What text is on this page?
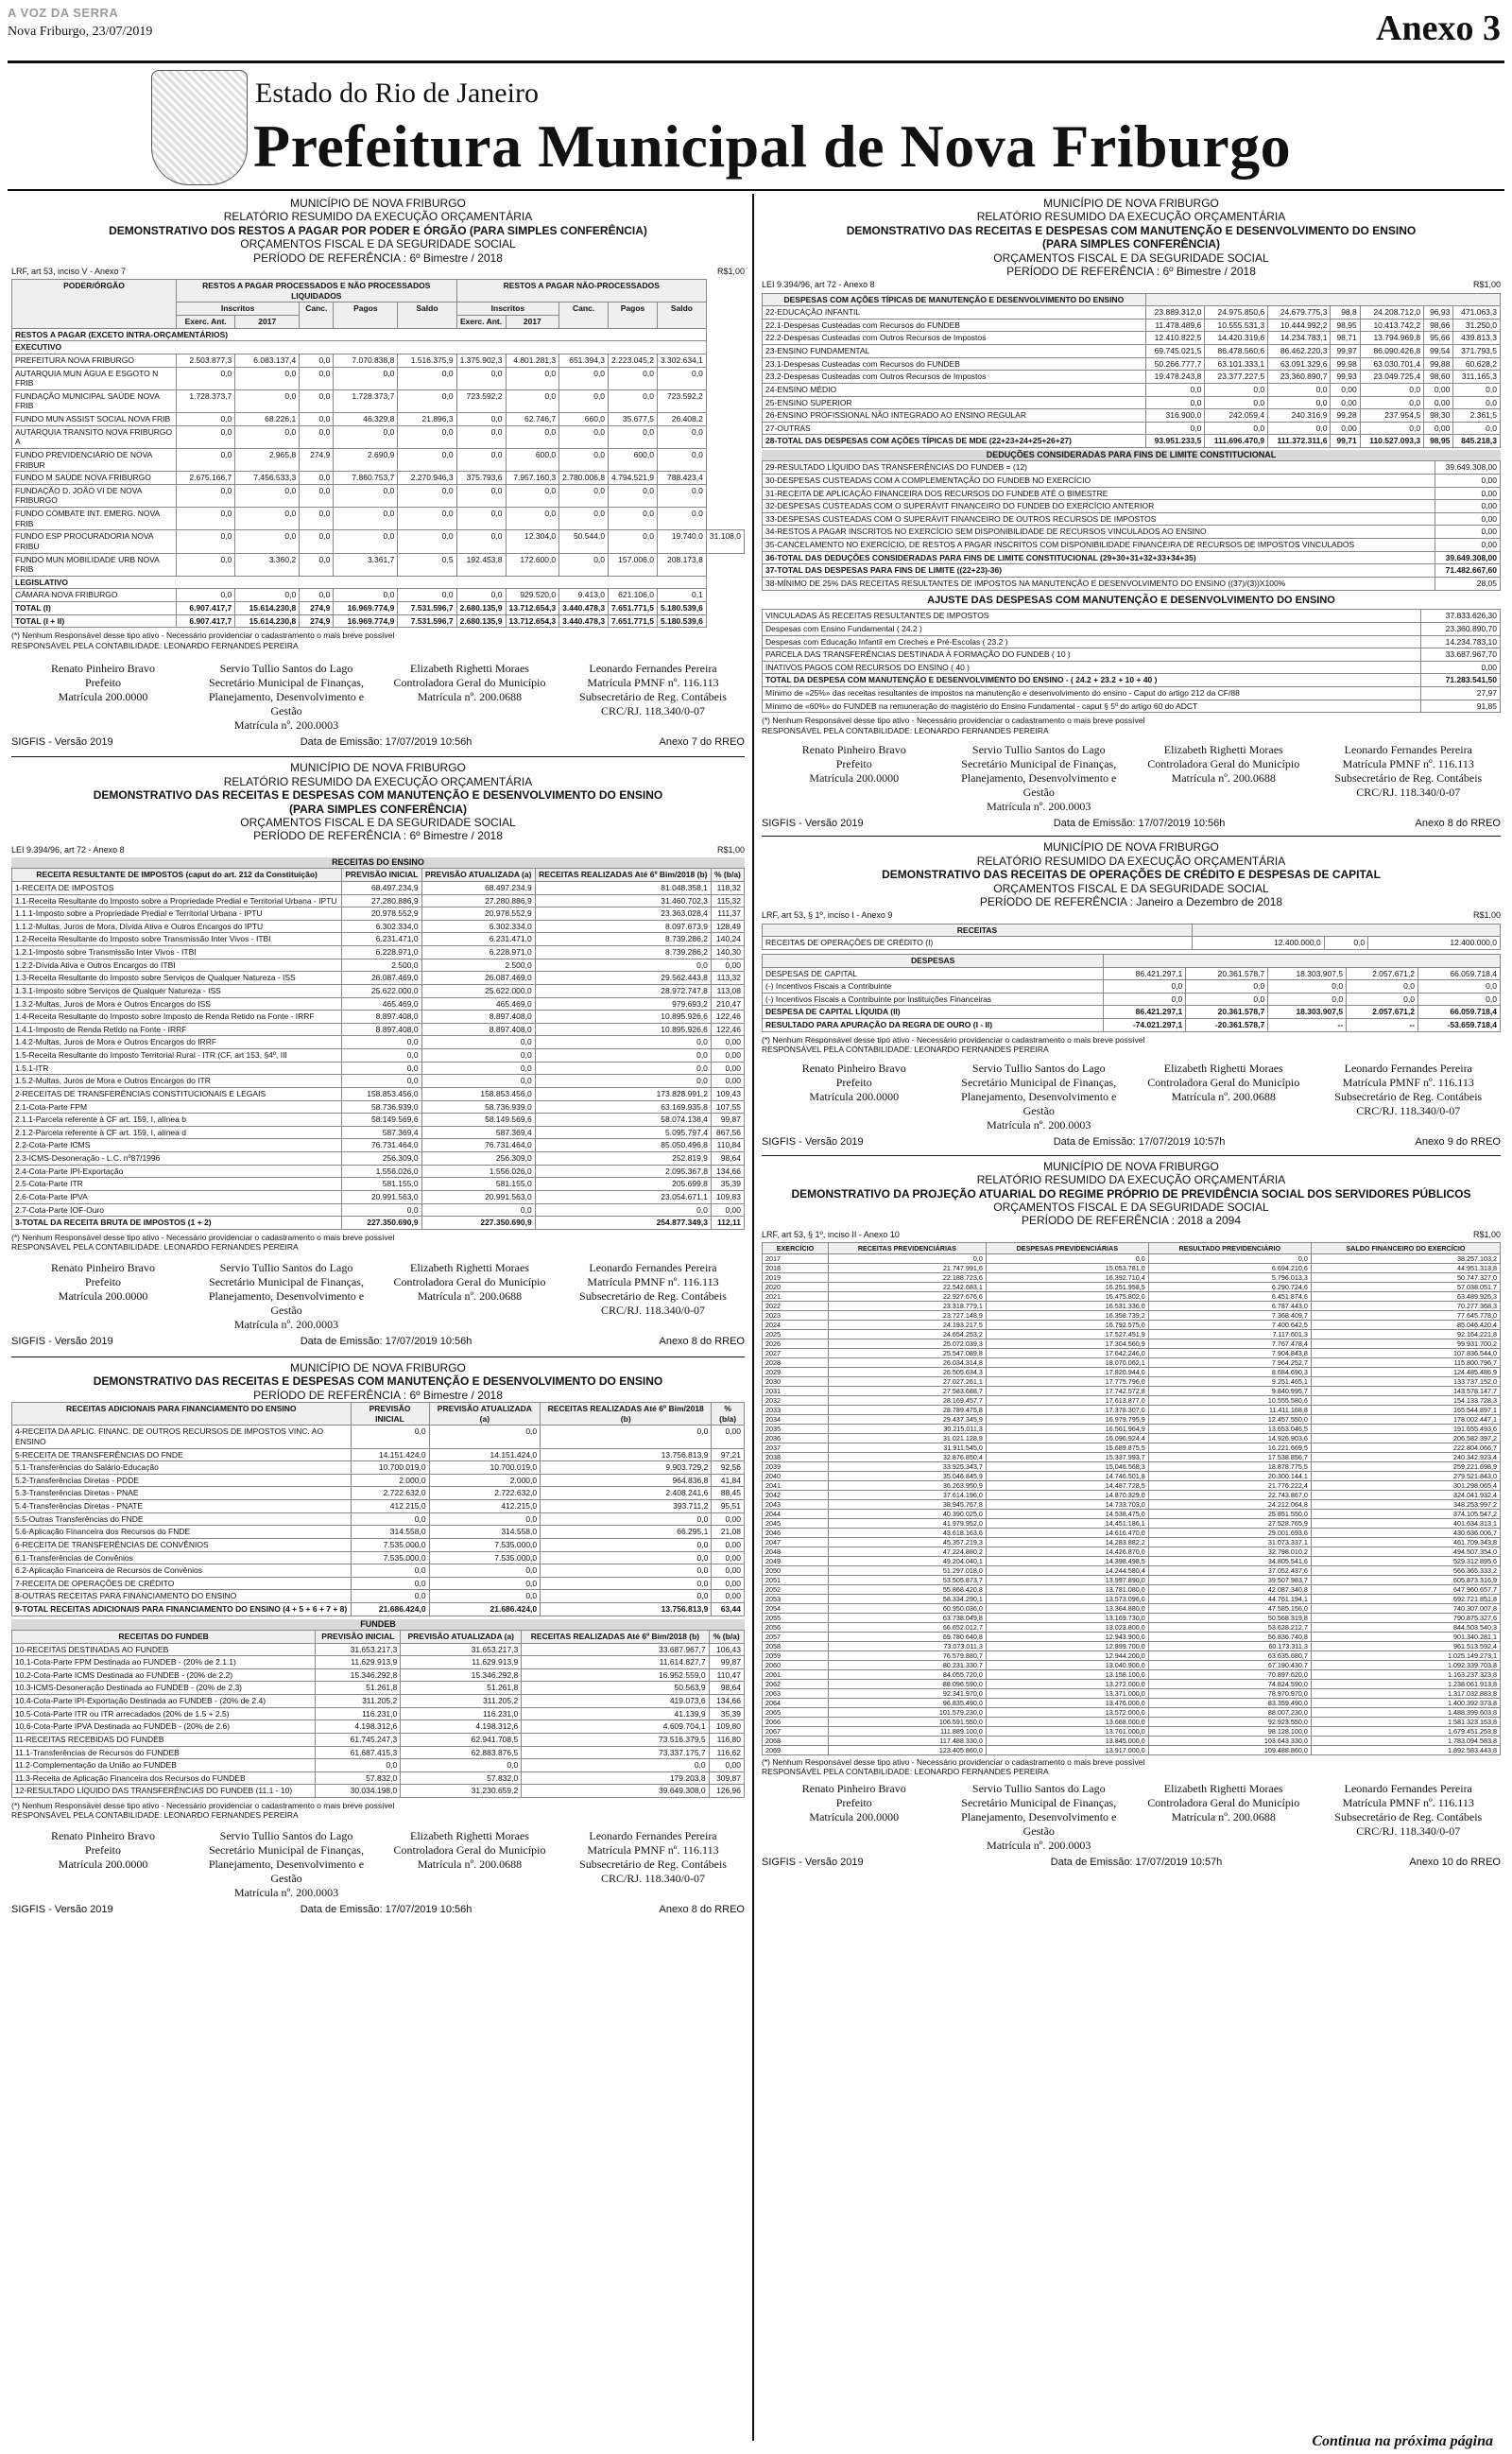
A VOZ DA SERRA
Nova Friburgo, 23/07/2019	Anexo 3
Estado do Rio de Janeiro
Prefeitura Municipal de Nova Friburgo
MUNICÍPIO DE NOVA FRIBURGO
RELATÓRIO RESUMIDO DA EXECUÇÃO ORÇAMENTÁRIA
DEMONSTRATIVO DOS RESTOS A PAGAR POR PODER E ÓRGÃO (PARA SIMPLES CONFERÊNCIA)
ORÇAMENTOS FISCAL E DA SEGURIDADE SOCIAL
PERÍODO DE REFERÊNCIA : 6º Bimestre / 2018
LRF, art 53, inciso V - Anexo 7	R$1,00
PODER/ÓRGÃO	RESTOS A PAGAR PROCESSADOS E NÃO PROCESSADOS LIQUIDADOS					RESTOS A PAGAR NÃO-PROCESSADOS					
	Inscritos		Canc.	Pagos	Saldo	Inscritos		Canc.	Pagos	Saldo	
	Exerc. Ant.	2017				Exerc. Ant.	2017				
RESTOS A PAGAR (EXCETO INTRA-ORÇAMENTÁRIOS)											
EXECUTIVO											
PREFEITURA NOVA FRIBURGO	2.503.877,3	6.083.137,4	0,0	7.070.838,8	1.516.375,9	1.375.902,3	4.801.281,3	651.394,3	2.223.045,2	3.302.634,1	
AUTARQUIA MUN ÁGUA E ESGOTO N FRIB	0,0	0,0	0,0	0,0	0,0	0,0	0,0	0,0	0,0	0,0	
FUNDAÇÃO MUNICIPAL SAÚDE NOVA FRIB	1.728.373,7	0,0	0,0	1.728.373,7	0,0	723.592,2	0,0	0,0	0,0	723.592,2	
FUNDO MUN ASSIST SOCIAL NOVA FRIB	0,0	68.226,1	0,0	46.329,8	21.896,3	0,0	62.746,7	660,0	35.677,5	26.408,2	
AUTARQUIA TRANSITO NOVA FRIBURGO A	0,0	0,0	0,0	0,0	0,0	0,0	0,0	0,0	0,0	0,0	
FUNDO PREVIDENCIÁRIO DE NOVA FRIBUR	0,0	2.965,8	274,9	2.690,9	0,0	0,0	600,0	0,0	600,0	0,0	
FUNDO M SAÚDE NOVA FRIBURGO	2.675.166,7	7.456.533,3	0,0	7.860.753,7	2.270.946,3	375.793,6	7.957.160,3	2.780.006,8	4.794.521,9	788.423,4	
FUNDAÇÃO D. JOÃO VI DE NOVA FRIBURGO	0,0	0,0	0,0	0,0	0,0	0,0	0,0	0,0	0,0	0,0	
FUNDO COMBATE INT. EMERG. NOVA FRIB	0,0	0,0	0,0	0,0	0,0	0,0	0,0	0,0	0,0	0,0	
FUNDO ESP PROCURADORIA NOVA FRIBU	0,0	0,0	0,0	0,0	0,0	0,0	12.304,0	50.544,0	0,0	19.740,0	31.108,0
FUNDO MUN MOBILIDADE URB NOVA FRIB	0,0	3.360,2	0,0	3.361,7	0,5	192.453,8	172.600,0	0,0	157.006,0	208.173,8	
LEGISLATIVO											
CÂMARA NOVA FRIBURGO	0,0	0,0	0,0	0,0	0,0	0,0	929.520,0	9.413,0	621.106,0	0,1	
TOTAL (I)	6.907.417,7	15.614.230,8	274,9	16.969.774,9	7.531.596,7	2.680.135,9	13.712.654,3	3.440.478,3	7.651.771,5	5.180.539,6	
TOTAL (I + II)	6.907.417,7	15.614.230,8	274,9	16.969.774,9	7.531.596,7	2.680.135,9	13.712.654,3	3.440.478,3	7.651.771,5	5.180.539,6	
(*) Nenhum Responsável desse tipo ativo - Necessário providenciar o cadastramento o mais breve possível
RESPONSÁVEL PELA CONTABILIDADE: LEONARDO FERNANDES PEREIRA
Renato Pinheiro Bravo
Prefeito
Matrícula 200.0000
Servio Tullio Santos do Lago
Secretário Municipal de Finanças,
Planejamento, Desenvolvimento e Gestão
Matrícula nº. 200.0003
Elizabeth Righetti Moraes
Controladora Geral do Município
Matrícula nº. 200.0688
Leonardo Fernandes Pereira
Matrícula PMNF nº. 116.113
Subsecretário de Reg. Contábeis
CRC/RJ. 118.340/0-07
SIGFIS - Versão 2019	Data de Emissão: 17/07/2019 10:56h	Anexo 7 do RREO
MUNICÍPIO DE NOVA FRIBURGO
RELATÓRIO RESUMIDO DA EXECUÇÃO ORÇAMENTÁRIA
DEMONSTRATIVO DAS RECEITAS E DESPESAS COM MANUTENÇÃO E DESENVOLVIMENTO DO ENSINO
(PARA SIMPLES CONFERÊNCIA)
ORÇAMENTOS FISCAL E DA SEGURIDADE SOCIAL
PERÍODO DE REFERÊNCIA : 6º Bimestre / 2018
LEI 9.394/96, art 72 - Anexo 8	R$1,00
RECEITAS DO ENSINO
RECEITA RESULTANTE DE IMPOSTOS (caput do art. 212 da Constituição)	PREVISÃO INICIAL	PREVISÃO ATUALIZADA (a)	RECEITAS REALIZADAS Até 6º Bim/2018 (b)	% (b/a)
1-RECEITA DE IMPOSTOS	68.497.234,9	68.497.234,9	81.048.358,1	118,32
1.1-Receita Resultante do Imposto sobre a Propriedade Predial e Territorial Urbana - IPTU	27.280.886,9	27.280.886,9	31.460.702,3	115,32
1.1.1-Imposto sobre a Propriedade Predial e Territorial Urbana - IPTU	20.978.552,9	20.978.552,9	23.363.028,4	111,37
1.1.2-Multas, Juros de Mora, Dívida Ativa e Outros Encargos do IPTU	6.302.334,0	6.302.334,0	8.097.673,9	128,49
1.2-Receita Resultante do Imposto sobre Transmissão Inter Vivos - ITBI	6.231.471,0	6.231.471,0	8.739.286,2	140,24
1.2.1-Imposto sobre Transmissão Inter Vivos - ITBI	6.228.971,0	6.228.971,0	8.739.286,2	140,30
1.2.2-Dívida Ativa e Outros Encargos do ITBI	2.500,0	2.500,0	0,0	0,00
1.3-Receita Resultante do Imposto sobre Serviços de Qualquer Natureza - ISS	26.087.469,0	26.087.469,0	29.562.443,8	113,32
1.3.1-Imposto sobre Serviços de Qualquer Natureza - ISS	25.622.000,0	25.622.000,0	28.972.747,8	113,08
1.3.2-Multas, Juros de Mora e Outros Encargos do ISS	465.469,0	465.469,0	979.693,2	210,47
1.4-Receita Resultante do Imposto sobre Imposto de Renda Retido na Fonte - IRRF	8.897.408,0	8.897.408,0	10.895.926,6	122,46
1.4.1-Imposto de Renda Retido na Fonte - IRRF	8.897.408,0	8.897.408,0	10.895.926,6	122,46
1.4.2-Multas, Juros de Mora e Outros Encargos do IRRF	0,0	0,0	0,0	0,00
1.5-Receita Resultante do Imposto Territorial Rural - ITR (CF, art 153, §4º, III	0,0	0,0	0,0	0,00
1.5.1-ITR	0,0	0,0	0,0	0,00
1.5.2-Multas, Juros de Mora e Outros Encargos do ITR	0,0	0,0	0,0	0,00
2-RECEITAS DE TRANSFERÊNCIAS CONSTITUCIONAIS E LEGAIS	158.853.456,0	158.853.456,0	173.828.991,2	109,43
2.1-Cota-Parte FPM	58.736.939,0	58.736.939,0	63.169.935,8	107,55
2.1.1-Parcela referente à CF art. 159, I, alínea b	58.149.569,6	58.149.569,6	58.074.138,4	99,87
2.1.2-Parcela referente à CF art. 159, I, alínea d	587.369,4	587.369,4	5.095.797,4	867,56
2.2-Cota-Parte ICMS	76.731.464,0	76.731.464,0	85.050.496,8	110,84
2.3-ICMS-Desoneração - L.C. nº87/1996	256.309,0	256.309,0	252.819,9	98,64
2.4-Cota-Parte IPI-Exportação	1.556.026,0	1.556.026,0	2.095.367,8	134,66
2.5-Cota-Parte ITR	581.155,0	581.155,0	205.699,8	35,39
2.6-Cota-Parte IPVA	20.991.563,0	20.991.563,0	23.054.671,1	109,83
2.7-Cota-Parte IOF-Ouro	0,0	0,0	0,0	0,00
3-TOTAL DA RECEITA BRUTA DE IMPOSTOS (1 + 2)	227.350.690,9	227.350.690,9	254.877.349,3	112,11
(*) Nenhum Responsável desse tipo ativo - Necessário providenciar o cadastramento o mais breve possível
RESPONSÁVEL PELA CONTABILIDADE: LEONARDO FERNANDES PEREIRA
Renato Pinheiro Bravo
Prefeito
Matrícula 200.0000
Servio Tullio Santos do Lago
Secretário Municipal de Finanças,
Planejamento, Desenvolvimento e Gestão
Matrícula nº. 200.0003
Elizabeth Righetti Moraes
Controladora Geral do Município
Matrícula nº. 200.0688
Leonardo Fernandes Pereira
Matrícula PMNF nº. 116.113
Subsecretário de Reg. Contábeis
CRC/RJ. 118.340/0-07
SIGFIS - Versão 2019	Data de Emissão: 17/07/2019 10:56h	Anexo 8 do RREO
MUNICÍPIO DE NOVA FRIBURGO
DEMONSTRATIVO DAS RECEITAS E DESPESAS COM MANUTENÇÃO E DESENVOLVIMENTO DO ENSINO
PERÍODO DE REFERÊNCIA : 6º Bimestre / 2018
RECEITAS ADICIONAIS PARA FINANCIAMENTO DO ENSINO	PREVISÃO INICIAL	PREVISÃO ATUALIZADA (a)	RECEITAS REALIZADAS Até 6º Bim/2018 (b)	% (b/a)
4-RECEITA DA APLIC. FINANC. DE OUTROS RECURSOS DE IMPOSTOS VINC. AO ENSINO	0,0	0,0	0,0	0,00
5-RECEITA DE TRANSFERÊNCIAS DO FNDE	14.151.424,0	14.151.424,0	13.756.813,9	97,21
5.1-Transferências do Salário-Educação	10.700.019,0	10.700.019,0	9.903.729,2	92,56
5.2-Transferências Diretas - PDDE	2.000,0	2.000,0	964.836,8	41,84
5.3-Transferências Diretas - PNAE	2.722.632,0	2.722.632,0	2.408.241,6	88,45
5.4-Transferências Diretas - PNATE	412.215,0	412.215,0	393.711,2	95,51
5.5-Outras Transferências do FNDE	0,0	0,0	0,0	0,00
5.6-Aplicação Financeira dos Recursos do FNDE	314.558,0	314.558,0	66.295,1	21,08
6-RECEITA DE TRANSFERÊNCIAS DE CONVÊNIOS	7.535.000,0	7.535.000,0	0,0	0,00
6.1-Transferências de Convênios	7.535.000,0	7.535.000,0	0,0	0,00
6.2-Aplicação Financeira de Recursos de Convênios	0,0	0,0	0,0	0,00
7-RECEITA DE OPERAÇÕES DE CRÉDITO	0,0	0,0	0,0	0,00
8-OUTRAS RECEITAS PARA FINANCIAMENTO DO ENSINO	0,0	0,0	0,0	0,00
9-TOTAL RECEITAS ADICIONAIS PARA FINANCIAMENTO DO ENSINO (4 + 5 + 6 + 7 + 8)	21.686.424,0	21.686.424,0	13.756.813,9	63,44
FUNDEB
RECEITAS DO FUNDEB	PREVISÃO INICIAL	PREVISÃO ATUALIZADA (a)	RECEITAS REALIZADAS Até 6º Bim/2018 (b)	% (b/a)
10-RECEITAS DESTINADAS AO FUNDEB	31.653.217,3	31.653.217,3	33.687.967,7	106,43
10.1-Cota-Parte FPM Destinada ao FUNDEB - (20% de 2.1.1)	11.629.913,9	11.629.913,9	11.614.827,7	99,87
10.2-Cota-Parte ICMS Destinada ao FUNDEB - (20% de 2.2)	15.346.292,8	15.346.292,8	16.952.559,0	110,47
10.3-ICMS-Desoneração Destinada ao FUNDEB - (20% de 2.3)	51.261,8	51.261,8	50.563,9	98,64
10.4-Cota-Parte IPI-Exportação Destinada ao FUNDEB - (20% de 2.4)	311.205,2	311.205,2	419.073,6	134,66
10.5-Cota-Parte ITR ou ITR arrecadados (20% de 1.5 + 2.5)	116.231,0	116.231,0	41.139,9	35,39
10.6-Cota-Parte IPVA Destinada ao FUNDEB - (20% de 2.6)	4.198.312,6	4.198.312,6	4.609.704,1	109,80
11-RECEITAS RECEBIDAS DO FUNDEB	61.745.247,3	62.941.708,5	73.516.379,5	116,80
11.1-Transferências de Recursos do FUNDEB	61.687.415,3	62.883.876,5	73.337.175,7	116,62
11.2-Complementação da União ao FUNDEB	0,0	0,0	0,0	0,00
11.3-Receita de Aplicação Financeira dos Recursos do FUNDEB	57.832,0	57.832,0	179.203,8	309,87
12-RESULTADO LÍQUIDO DAS TRANSFERÊNCIAS DO FUNDEB (11.1 - 10)	30.034.198,0	31.230.659,2	39.649.308,0	126,96
(*) Nenhum Responsável desse tipo ativo - Necessário providenciar o cadastramento o mais breve possível
RESPONSÁVEL PELA CONTABILIDADE: LEONARDO FERNANDES PEREIRA
Renato Pinheiro Bravo
Prefeito
Matrícula 200.0000
Servio Tullio Santos do Lago
Secretário Municipal de Finanças,
Planejamento, Desenvolvimento e Gestão
Matrícula nº. 200.0003
Elizabeth Righetti Moraes
Controladora Geral do Município
Matrícula nº. 200.0688
Leonardo Fernandes Pereira
Matrícula PMNF nº. 116.113
Subsecretário de Reg. Contábeis
CRC/RJ. 118.340/0-07
SIGFIS - Versão 2019	Data de Emissão: 17/07/2019 10:56h	Anexo 8 do RREO
MUNICÍPIO DE NOVA FRIBURGO
RELATÓRIO RESUMIDO DA EXECUÇÃO ORÇAMENTÁRIA
DEMONSTRATIVO DAS RECEITAS E DESPESAS COM MANUTENÇÃO E DESENVOLVIMENTO DO ENSINO
(PARA SIMPLES CONFERÊNCIA)
ORÇAMENTOS FISCAL E DA SEGURIDADE SOCIAL
PERÍODO DE REFERÊNCIA : 6º Bimestre / 2018
LEI 9.394/96, art 72 - Anexo 8	R$1,00
DESPESAS COM AÇÕES TÍPICAS DE MANUTENÇÃO E DESENVOLVIMENTO DO ENSINO							
22-EDUCAÇÃO INFANTIL	23.889.312,0	24.975.850,6	24.679.775,3	98,8	24.208.712,0	96,93	471.063,3
22.1-Despesas Custeadas com Recursos do FUNDEB	11.478.489,6	10.555.531,3	10.444.992,2	98,95	10.413.742,2	98,66	31.250,0
22.2-Despesas Custeadas com Outros Recursos de Impostos	12.410.822,5	14.420.319,6	14.234.783,1	98,71	13.794.969,8	95,66	439.813,3
23-ENSINO FUNDAMENTAL	69.745.021,5	86.478.560,6	86.462.220,3	99,97	86.090.426,8	99,54	371.793,5
23.1-Despesas Custeadas com Recursos do FUNDEB	50.266.777,7	63.101.333,1	63.091.329,6	99,98	63.030.701,4	99,88	60.628,2
23.2-Despesas Custeadas com Outros Recursos de Impostos	19.478.243,8	23.377.227,5	23.360.890,7	99,93	23.049.725,4	98,60	311.165,3
24-ENSINO MÉDIO	0,0	0,0	0,0	0,00	0,0	0,00	0,0
25-ENSINO SUPERIOR	0,0	0,0	0,0	0,00	0,0	0,00	0,0
26-ENSINO PROFISSIONAL NÃO INTEGRADO AO ENSINO REGULAR	316.900,0	242.059,4	240.316,9	99,28	237.954,5	98,30	2.361,5
27-OUTRAS	0,0	0,0	0,0	0,00	0,0	0,00	0,0
28-TOTAL DAS DESPESAS COM AÇÕES TÍPICAS DE MDE (22+23+24+25+26+27)	93.951.233,5	111.696.470,9	111.372.311,6	99,71	110.527.093,3	98,95	845.218,3
DEDUÇÕES CONSIDERADAS PARA FINS DE LIMITE CONSTITUCIONAL
29-RESULTADO LÍQUIDO DAS TRANSFERÊNCIAS DO FUNDEB = (12)	39.649.308,00
30-DESPESAS CUSTEADAS COM A COMPLEMENTAÇÃO DO FUNDEB NO EXERCÍCIO	0,00
31-RECEITA DE APLICAÇÃO FINANCEIRA DOS RECURSOS DO FUNDEB ATÉ O BIMESTRE	0,00
32-DESPESAS CUSTEADAS COM O SUPERÁVIT FINANCEIRO DO FUNDEB DO EXERCÍCIO ANTERIOR	0,00
33-DESPESAS CUSTEADAS COM O SUPERÁVIT FINANCEIRO DE OUTROS RECURSOS DE IMPOSTOS	0,00
34-RESTOS A PAGAR INSCRITOS NO EXERCÍCIO SEM DISPONIBILIDADE DE RECURSOS VINCULADOS AO ENSINO	0,00
35-CANCELAMENTO NO EXERCÍCIO, DE RESTOS A PAGAR INSCRITOS COM DISPONIBILIDADE FINANCEIRA DE RECURSOS DE IMPOSTOS VINCULADOS	0,00
36-TOTAL DAS DEDUÇÕES CONSIDERADAS PARA FINS DE LIMITE CONSTITUCIONAL (29+30+31+32+33+34+35)	39.649.308,00
37-TOTAL DAS DESPESAS PARA FINS DE LIMITE ((22+23)-36)	71.482.667,60
38-MÍNIMO DE 25% DAS RECEITAS RESULTANTES DE IMPOSTOS NA MANUTENÇÃO E DESENVOLVIMENTO DO ENSINO ((37)/(3))X100%	28,05
AJUSTE DAS DESPESAS COM MANUTENÇÃO E DESENVOLVIMENTO DO ENSINO
VINCULADAS ÀS RECEITAS RESULTANTES DE IMPOSTOS	37.833.626,30
Despesas com Ensino Fundamental ( 24.2 )	23.360.890,70
Despesas com Educação Infantil em Creches e Pré-Escolas ( 23.2 )	14.234.783,10
PARCELA DAS TRANSFERÊNCIAS DESTINADA À FORMAÇÃO DO FUNDEB ( 10 )	33.687.967,70
INATIVOS PAGOS COM RECURSOS DO ENSINO ( 40 )	0,00
TOTAL DA DESPESA COM MANUTENÇÃO E DESENVOLVIMENTO DO ENSINO - ( 24.2 + 23.2 + 10 + 40 )	71.283.541,50
Mínimo de «25%» das receitas resultantes de impostos na manutenção e desenvolvimento do ensino - Caput do artigo 212 da CF/88	27,97
Mínimo de «60%» do FUNDEB na remuneração do magistério do Ensino Fundamental - caput § 5º do artigo 60 do ADCT	91,85
(*) Nenhum Responsável desse tipo ativo - Necessário providenciar o cadastramento o mais breve possível
RESPONSÁVEL PELA CONTABILIDADE: LEONARDO FERNANDES PEREIRA
Renato Pinheiro Bravo
Prefeito
Matrícula 200.0000
Servio Tullio Santos do Lago
Secretário Municipal de Finanças,
Planejamento, Desenvolvimento e Gestão
Matrícula nº. 200.0003
Elizabeth Righetti Moraes
Controladora Geral do Município
Matrícula nº. 200.0688
Leonardo Fernandes Pereira
Matrícula PMNF nº. 116.113
Subsecretário de Reg. Contábeis
CRC/RJ. 118.340/0-07
SIGFIS - Versão 2019	Data de Emissão: 17/07/2019 10:56h	Anexo 8 do RREO
MUNICÍPIO DE NOVA FRIBURGO
RELATÓRIO RESUMIDO DA EXECUÇÃO ORÇAMENTÁRIA
DEMONSTRATIVO DAS RECEITAS DE OPERAÇÕES DE CRÉDITO E DESPESAS DE CAPITAL
ORÇAMENTOS FISCAL E DA SEGURIDADE SOCIAL
PERÍODO DE REFERÊNCIA : Janeiro a Dezembro de 2018
LRF, art 53, § 1º, inciso I - Anexo 9	R$1,00
RECEITAS			
RECEITAS DE OPERAÇÕES DE CRÉDITO (I)	12.400.000,0	0,0	12.400.000,0
DESPESAS					
DESPESAS DE CAPITAL	86.421.297,1	20.361.578,7	18.303.907,5	2.057.671,2	66.059.718,4
(-) Incentivos Fiscais a Contribuinte	0,0	0,0	0,0	0,0	0,0
(-) Incentivos Fiscais a Contribuinte por Instituições Financeiras	0,0	0,0	0,0	0,0	0,0
DESPESA DE CAPITAL LÍQUIDA (II)	86.421.297,1	20.361.578,7	18.303.907,5	2.057.671,2	66.059.718,4
RESULTADO PARA APURAÇÃO DA REGRA DE OURO (I - II)	-74.021.297,1	-20.361.578,7	--	--	-53.659.718,4
(*) Nenhum Responsável desse tipo ativo - Necessário providenciar o cadastramento o mais breve possível
RESPONSÁVEL PELA CONTABILIDADE: LEONARDO FERNANDES PEREIRA
Renato Pinheiro Bravo
Prefeito
Matrícula 200.0000
Servio Tullio Santos do Lago
Secretário Municipal de Finanças,
Planejamento, Desenvolvimento e Gestão
Matrícula nº. 200.0003
Elizabeth Righetti Moraes
Controladora Geral do Município
Matrícula nº. 200.0688
Leonardo Fernandes Pereira
Matrícula PMNF nº. 116.113
Subsecretário de Reg. Contábeis
CRC/RJ. 118.340/0-07
SIGFIS - Versão 2019	Data de Emissão: 17/07/2019 10:57h	Anexo 9 do RREO
MUNICÍPIO DE NOVA FRIBURGO
RELATÓRIO RESUMIDO DA EXECUÇÃO ORÇAMENTÁRIA
DEMONSTRATIVO DA PROJEÇÃO ATUARIAL DO REGIME PRÓPRIO DE PREVIDÊNCIA SOCIAL DOS SERVIDORES PÚBLICOS
ORÇAMENTOS FISCAL E DA SEGURIDADE SOCIAL
PERÍODO DE REFERÊNCIA : 2018 a 2094
LRF, art 53, § 1º, inciso II - Anexo 10	R$1,00
EXERCÍCIO	RECEITAS PREVIDENCIÁRIAS	DESPESAS PREVIDENCIÁRIAS	RESULTADO PREVIDENCIÁRIO	SALDO FINANCEIRO DO EXERCÍCIO
2017	0,0	0,0	0,0	38.257.103,2
2018	21.747.991,6	15.053.781,0	6.694.210,6	44.951.313,8
2019	22.188.723,6	16.392.710,4	5.796.013,3	50.747.327,0
2020	22.542.683,1	16.251.958,5	6.290.724,6	57.038.051,7
2021	22.927.676,6	16.475.802,0	6.451.874,6	63.489.926,3
2022	23.318.779,1	16.531.336,0	6.787.443,0	70.277.368,3
2023	23.727.148,9	16.358.739,2	7.368.409,7	77.645.778,0
2024	24.193.217,5	16.792.575,0	7.400.642,5	85.046.420,4
2025	24.654.253,2	17.527.451,9	7.117.601,3	92.164.221,8
2026	25.072.039,3	17.304.560,9	7.767.478,4	99.931.700,2
2027	25.547.089,8	17.642.246,0	7.904.843,8	107.836.544,0
2028	26.034.314,8	18.070.062,1	7.964.252,7	115.800.796,7
2029	26.505.634,3	17.820.944,0	8.684.690,3	124.485.486,9
2030	27.027.261,1	17.775.796,0	9.251.465,1	133.737.152,0
2031	27.583.688,7	17.742.572,8	9.840.995,7	143.578.147,7
2032	28.169.457,7	17.613.877,0	10.555.580,6	154.133.728,3
2033	28.789.475,8	17.378.307,0	11.411.168,8	165.544.897,1
2034	29.437.345,9	16.979.795,9	12.457.550,0	178.002.447,1
2035	30.215.011,3	16.561.964,9	13.653.046,5	191.655.493,6
2036	31.021.128,9	16.096.924,4	14.926.903,6	206.582.397,2
2037	31.911.545,0	15.689.875,5	16.221.669,5	222.804.066,7
2038	32.876.850,4	15.337.993,7	17.538.856,7	240.342.923,4
2039	33.925.343,7	15.046.568,3	18.878.775,5	259.221.698,9
2040	35.046.845,9	14.746.501,8	20.300.144,1	279.521.843,0
2041	36.263.950,9	14.487.728,5	21.776.222,4	301.298.065,4
2042	37.614.196,0	14.870.329,0	22.743.867,0	324.041.932,4
2043	38.945.767,8	14.733.703,0	24.212.064,8	348.253.997,2
2044	40.390.025,0	14.538.475,0	25.851.550,0	374.105.547,2
2045	41.979.952,0	14.451.186,1	27.528.765,9	401.634.313,1
2046	43.618.163,6	14.616.470,0	29.001.693,6	430.636.006,7
2047	45.357.219,3	14.283.882,2	31.073.337,1	461.709.343,8
2048	47.224.880,2	14.426.870,0	32.798.010,2	494.507.354,0
2049	49.204.040,1	14.398.498,5	34.805.541,6	529.312.895,6
2050	51.297.018,0	14.244.580,4	37.052.437,6	566.365.333,2
2051	53.505.873,7	13.997.890,0	39.507.983,7	605.873.316,9
2052	55.868.420,8	13.781.080,0	42.087.340,8	647.960.657,7
2053	58.334.290,1	13.573.096,0	44.761.194,1	692.721.851,8
2054	60.950.036,0	13.364.880,0	47.585.156,0	740.307.007,8
2055	63.738.049,8	13.169.730,0	50.568.319,8	790.875.327,6
2056	66.652.012,7	13.023.800,0	53.628.212,7	844.503.540,3
2057	69.780.640,8	12.943.900,0	56.836.740,8	901.340.281,1
2058	73.073.011,3	12.899.700,0	60.173.311,3	961.513.592,4
2059	76.579.880,7	12.944.200,0	63.635.680,7	1.025.149.273,1
2060	80.231.330,7	13.040.900,0	67.190.430,7	1.092.339.703,8
2061	84.055.720,0	13.158.100,0	70.897.620,0	1.163.237.323,8
2062	88.096.590,0	13.272.000,0	74.824.590,0	1.238.061.913,8
2063	92.341.970,0	13.371.000,0	78.970.970,0	1.317.032.883,8
2064	96.835.490,0	13.476.000,0	83.359.490,0	1.400.392.373,8
2065	101.579.230,0	13.572.000,0	88.007.230,0	1.488.399.603,8
2066	106.591.550,0	13.668.000,0	92.923.550,0	1.581.323.153,8
2067	111.889.100,0	13.761.000,0	98.128.100,0	1.679.451.253,8
2068	117.488.330,0	13.845.000,0	103.643.330,0	1.783.094.583,8
2069	123.405.860,0	13.917.000,0	109.488.860,0	1.892.583.443,8
(*) Nenhum Responsável desse tipo ativo - Necessário providenciar o cadastramento o mais breve possível
RESPONSÁVEL PELA CONTABILIDADE: LEONARDO FERNANDES PEREIRA
Renato Pinheiro Bravo
Prefeito
Matrícula 200.0000
Servio Tullio Santos do Lago
Secretário Municipal de Finanças,
Planejamento, Desenvolvimento e Gestão
Matrícula nº. 200.0003
Elizabeth Righetti Moraes
Controladora Geral do Município
Matrícula nº. 200.0688
Leonardo Fernandes Pereira
Matrícula PMNF nº. 116.113
Subsecretário de Reg. Contábeis
CRC/RJ. 118.340/0-07
SIGFIS - Versão 2019	Data de Emissão: 17/07/2019 10:57h	Anexo 10 do RREO
Continua na próxima página
